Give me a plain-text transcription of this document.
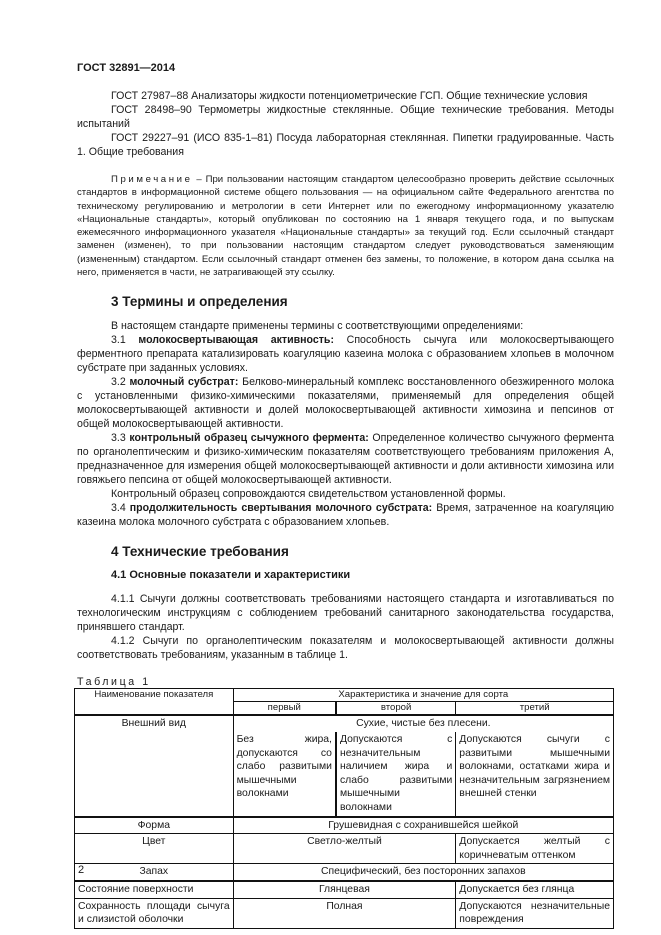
ГОСТ 32891—2014

ГОСТ 27987–88 Анализаторы жидкости потенциометрические ГСП. Общие технические условия

ГОСТ 28498–90 Термометры жидкостные стеклянные. Общие технические требования. Методы испытаний

ГОСТ 29227–91 (ИСО 835-1–81) Посуда лабораторная стеклянная. Пипетки градуированные. Часть 1. Общие требования

Примечание – При пользовании настоящим стандартом целесообразно проверить действие ссылочных стандартов в информационной системе общего пользования — на официальном сайте Федерального агентства по техническому регулированию и метрологии в сети Интернет или по ежегодному информационному указателю «Национальные стандарты», который опубликован по состоянию на 1 января текущего года, и по выпускам ежемесячного информационного указателя «Национальные стандарты» за текущий год. Если ссылочный стандарт заменен (изменен), то при пользовании настоящим стандартом следует руководствоваться заменяющим (измененным) стандартом. Если ссылочный стандарт отменен без замены, то положение, в котором дана ссылка на него, применяется в части, не затрагивающей эту ссылку.

3 Термины и определения

В настоящем стандарте применены термины с соответствующими определениями:

3.1 молокосвертывающая активность: Способность сычуга или молокосвертывающего ферментного препарата катализировать коагуляцию казеина молока с образованием хлопьев в молочном субстрате при заданных условиях.

3.2 молочный субстрат: Белково-минеральный комплекс восстановленного обезжиренного молока с установленными физико-химическими показателями, применяемый для определения общей молокосвертывающей активности и долей молокосвертывающей активности химозина и пепсинов от общей молокосвертывающей активности.

3.3 контрольный образец сычужного фермента: Определенное количество сычужного фермента по органолептическим и физико-химическим показателям соответствующего требованиям приложения А, предназначенное для измерения общей молокосвертывающей активности и доли активности химозина или говяжьего пепсина от общей молокосвертывающей активности.

Контрольный образец сопровождаются свидетельством установленной формы.

3.4 продолжительность свертывания молочного субстрата: Время, затраченное на коагуляцию казеина молока молочного субстрата с образованием хлопьев.

4 Технические требования
4.1 Основные показатели и характеристики

4.1.1 Сычуги должны соответствовать требованиями настоящего стандарта и изготавливаться по технологическим инструкциям с соблюдением требований санитарного законодательства государства, принявшего стандарт.

4.1.2 Сычуги по органолептическим показателям и молокосвертывающей активности должны соответствовать требованиям, указанным в таблице 1.

Таблица 1
Наименование показателя	Характеристика и значение для сорта		
	первый	второй	третий
Внешний вид	Сухие, чистые без плесени.		
	Без жира, допускаются со слабо развитыми мышечными волокнами	Допускаются с незначительным наличием жира и слабо развитыми мышечными волокнами	Допускаются сычуги с развитыми мышечными волокнами, остатками жира и незначительным загрязнением внешней стенки
Форма	Грушевидная с сохранившейся шейкой		
Цвет	Светло-желтый		Допускается желтый с коричневатым оттенком
Запах	Специфический, без посторонних запахов		
Состояние поверхности	Глянцевая		Допускается без глянца
Сохранность площади сычуга и слизистой оболочки	Полная		Допускаются незначительные повреждения
2
